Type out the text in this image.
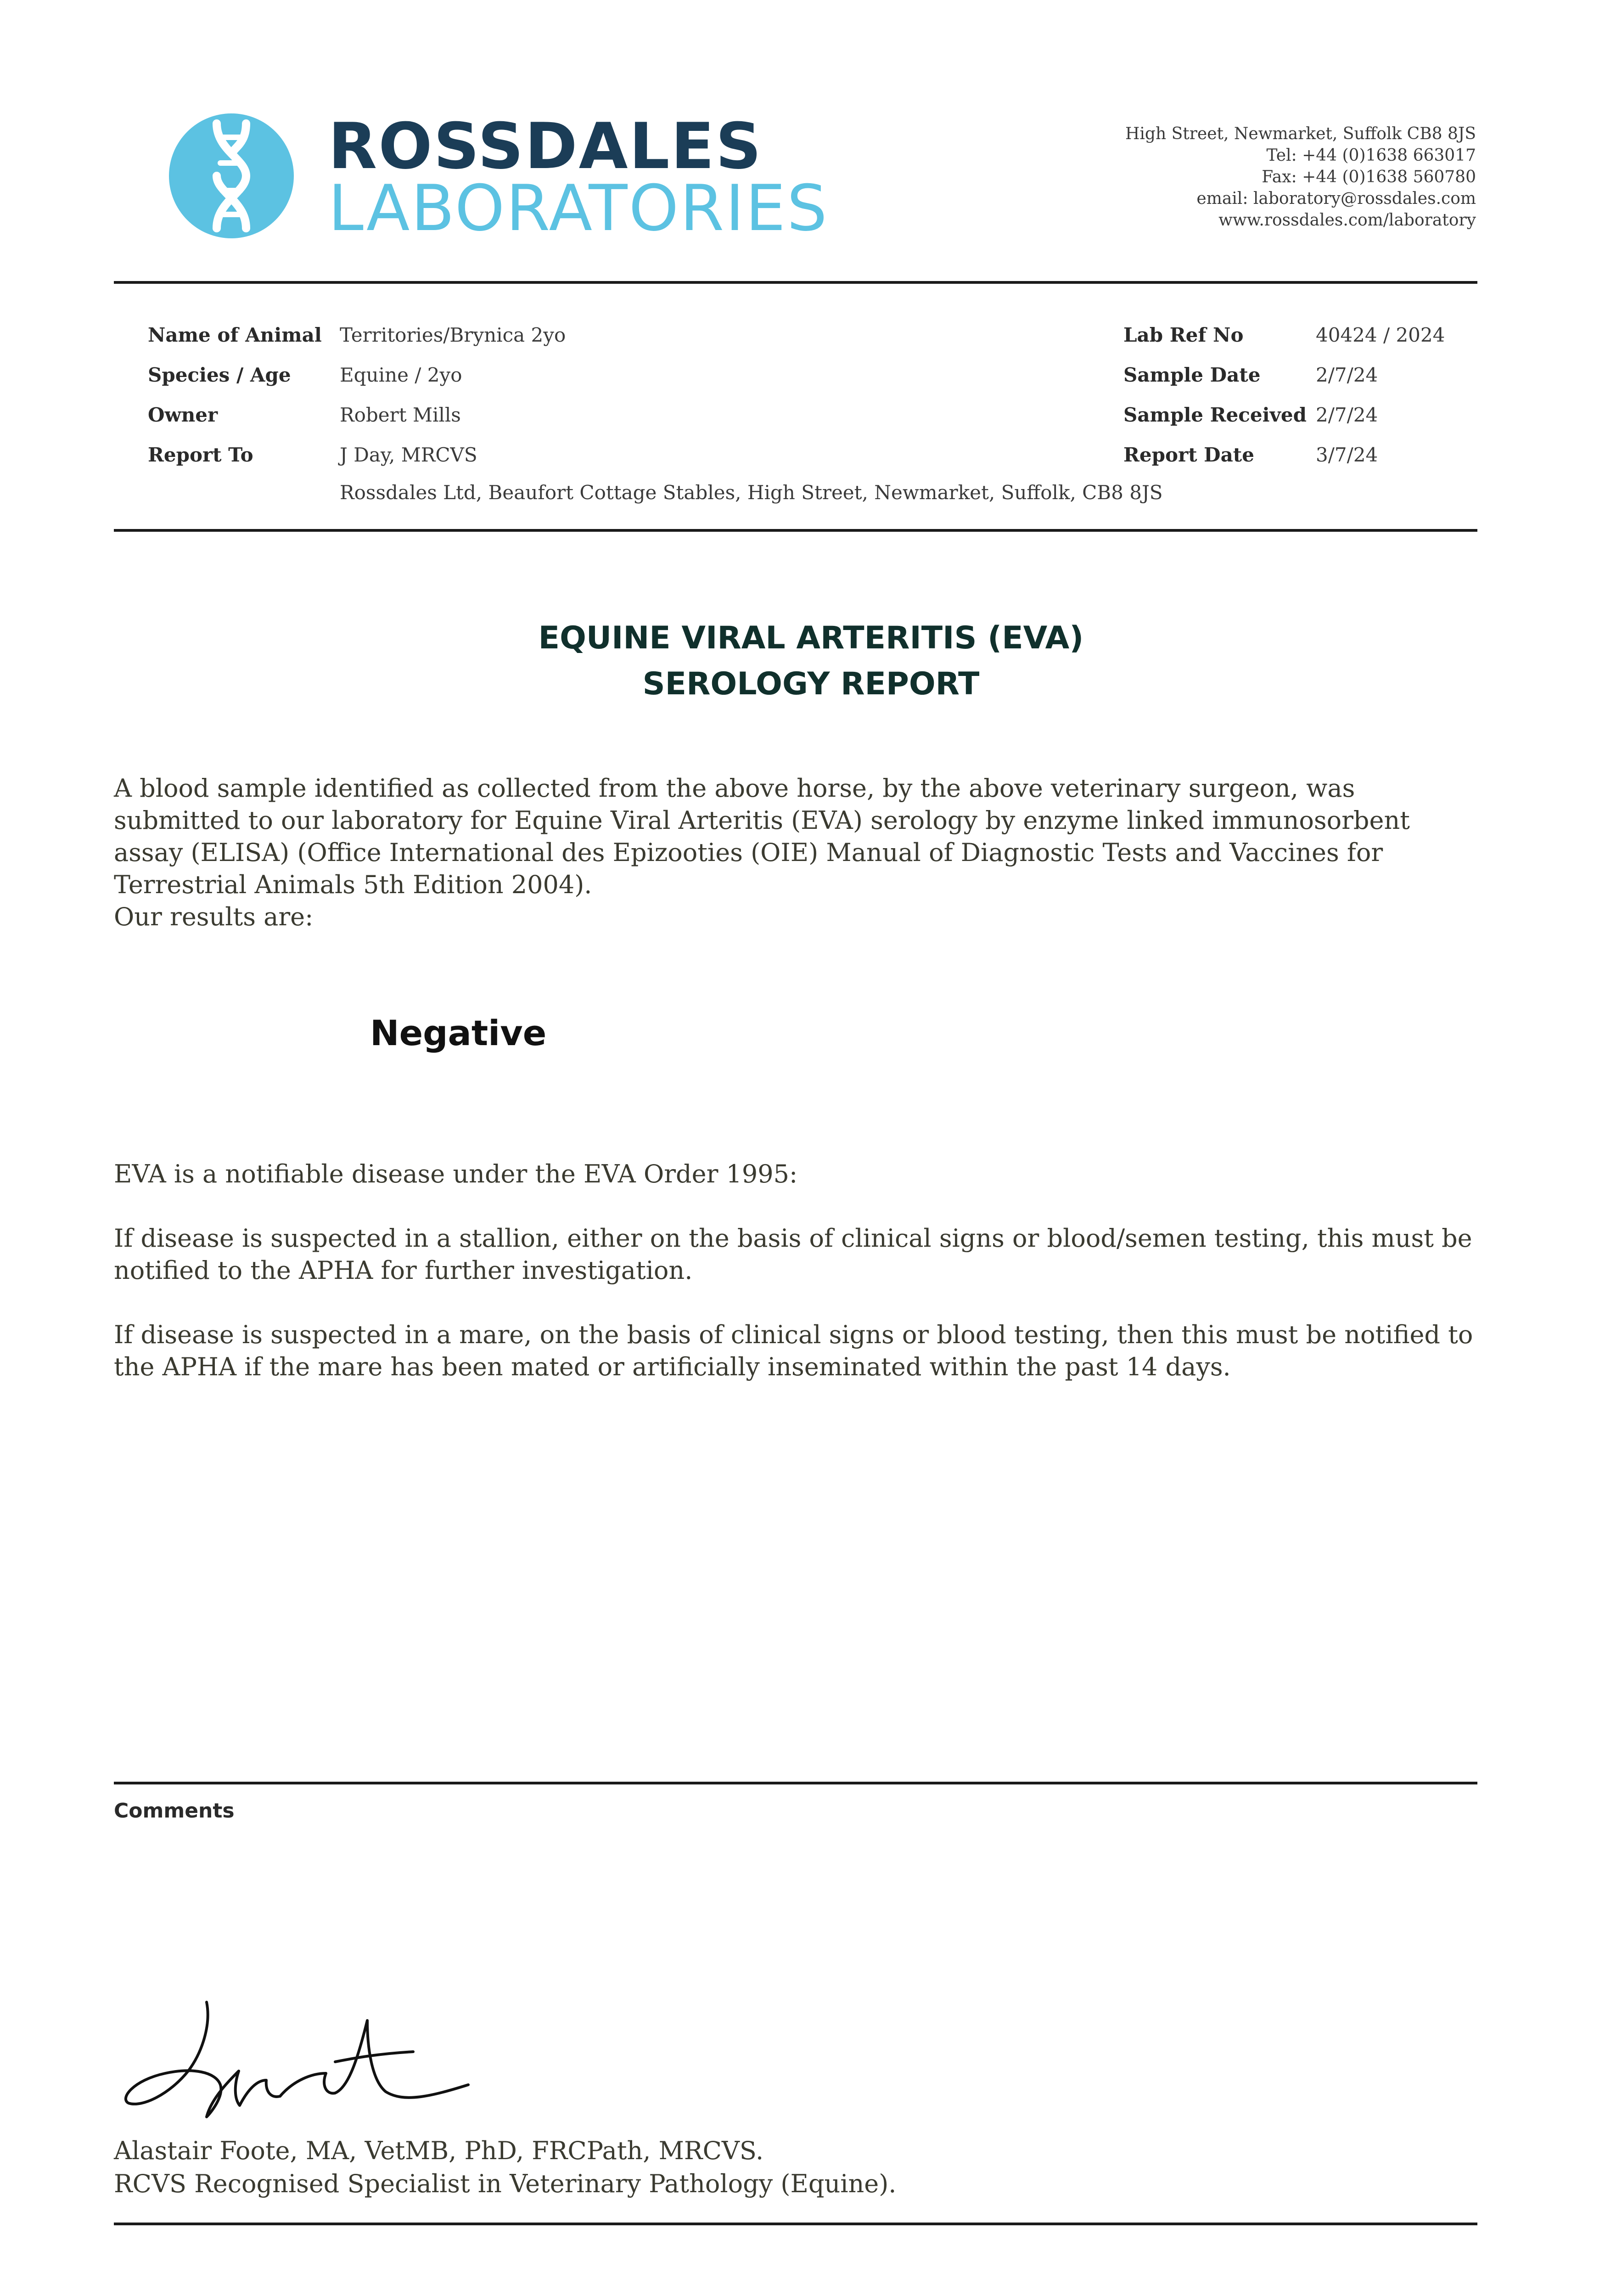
ROSSDALES
LABORATORIES
High Street, Newmarket, Suffolk CB8 8JS
Tel: +44 (0)1638 663017
Fax: +44 (0)1638 560780
email: laboratory@rossdales.com
www.rossdales.com/laboratory
Name of Animal Territories/Brynica 2yo
Species / Age	Equine / 2yo
Owner	Robert Mills
Report To	J Day, MRCVS
Rossdales Ltd, Beaufort Cottage Stables, High Street, Newmarket, Suffolk, CB8 8JS
Lab Ref No	40424 / 2024
Sample Date	2/7/24
Sample Received 2/7/24
Report Date	3/7/24
EQUINE VIRAL ARTERITIS (EVA)
SEROLOGY REPORT
A blood sample identified as collected from the above horse, by the above veterinary surgeon, was submitted to our laboratory for Equine Viral Arteritis (EVA) serology by enzyme linked immunosorbent assay (ELISA) (Office International des Epizooties (OIE) Manual of Diagnostic Tests and Vaccines for Terrestrial Animals 5th Edition 2004).
Our results are:
Negative
EVA is a notifiable disease under the EVA Order 1995:
If disease is suspected in a stallion, either on the basis of clinical signs or blood/semen testing, this must be notified to the APHA for further investigation.
If disease is suspected in a mare, on the basis of clinical signs or blood testing, then this must be notified to the APHA if the mare has been mated or artificially inseminated within the past 14 days.
Comments
Alastair Foote, MA, VetMB, PhD, FRCPath, MRCVS.
RCVS Recognised Specialist in Veterinary Pathology (Equine).
